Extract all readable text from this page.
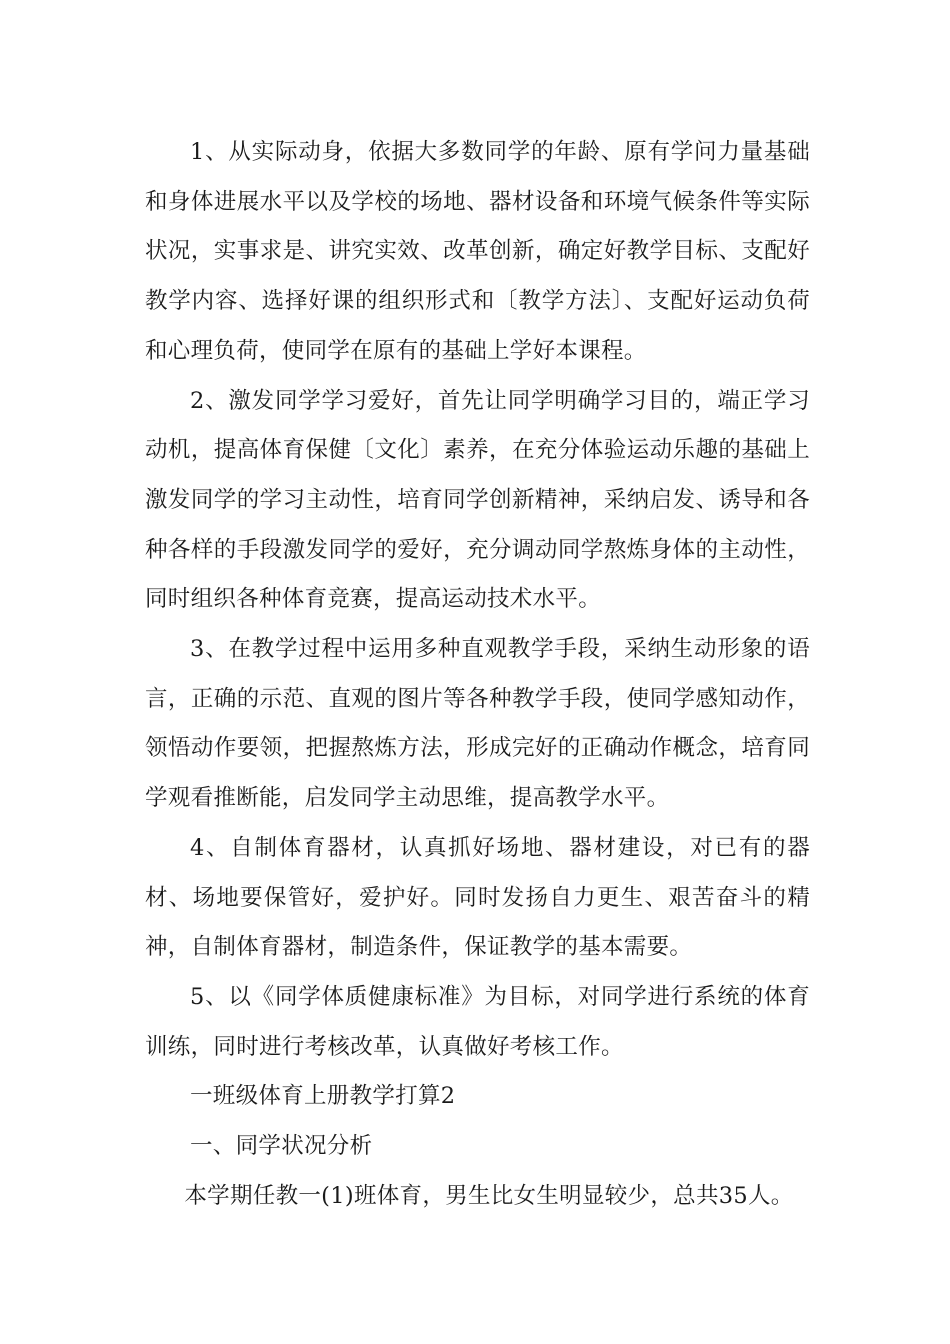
1、从实际动身，依据大多数同学的年龄、原有学问力量基础和身体进展水平以及学校的场地、器材设备和环境气候条件等实际状况，实事求是、讲究实效、改革创新，确定好教学目标、支配好教学内容、选择好课的组织形式和〔教学方法〕、支配好运动负荷和心理负荷，使同学在原有的基础上学好本课程。

2、激发同学学习爱好，首先让同学明确学习目的，端正学习动机，提高体育保健〔文化〕素养，在充分体验运动乐趣的基础上激发同学的学习主动性，培育同学创新精神，采纳启发、诱导和各种各样的手段激发同学的爱好，充分调动同学熬炼身体的主动性，同时组织各种体育竞赛，提高运动技术水平。

3、在教学过程中运用多种直观教学手段，采纳生动形象的语言，正确的示范、直观的图片等各种教学手段，使同学感知动作，领悟动作要领，把握熬炼方法，形成完好的正确动作概念，培育同学观看推断能，启发同学主动思维，提高教学水平。

4、自制体育器材，认真抓好场地、器材建设，对已有的器材、场地要保管好，爱护好。同时发扬自力更生、艰苦奋斗的精神，自制体育器材，制造条件，保证教学的基本需要。

5、以《同学体质健康标准》为目标，对同学进行系统的体育训练，同时进行考核改革，认真做好考核工作。

一班级体育上册教学打算2

一、同学状况分析

本学期任教一(1)班体育，男生比女生明显较少，总共35人。
